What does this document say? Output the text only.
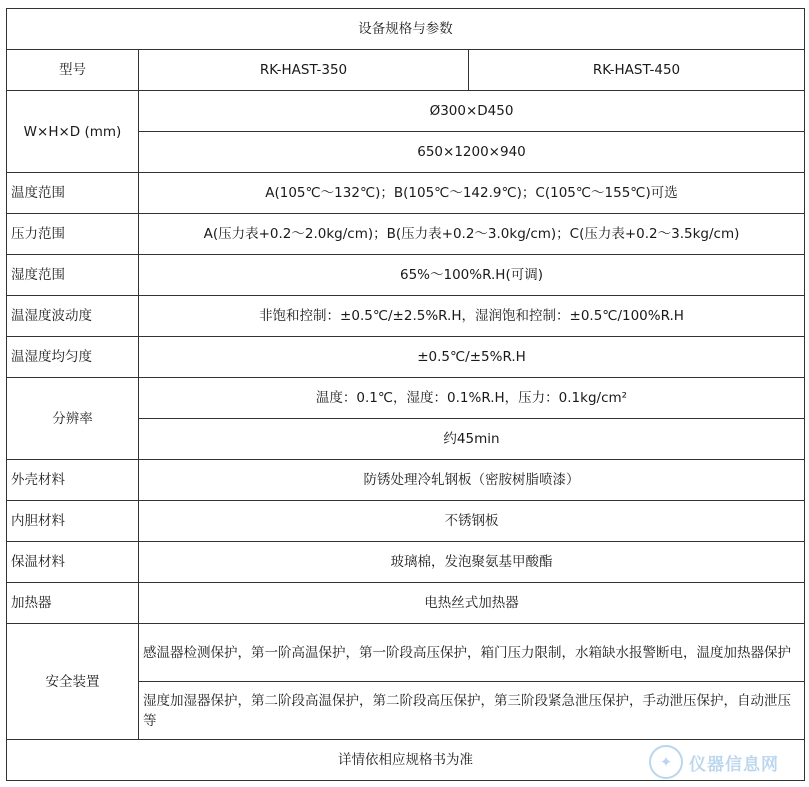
设备规格与参数		
型号	RK-HAST-350	RK-HAST-450
W×H×D (mm)	Ø300×D450	
	650×1200×940	
温度范围	A(105℃～132℃)；B(105℃～142.9℃)；C(105℃～155℃)可选	
压力范围	A(压力表+0.2～2.0kg/cm)；B(压力表+0.2～3.0kg/cm)；C(压力表+0.2～3.5kg/cm)	
湿度范围	65%～100%R.H(可调)	
温湿度波动度	非饱和控制：±0.5℃/±2.5%R.H，湿润饱和控制：±0.5℃/100%R.H	
温湿度均匀度	±0.5℃/±5%R.H	
分辨率	温度：0.1℃，湿度：0.1%R.H，压力：0.1kg/cm²	
	约45min	
外壳材料	防锈处理冷轧钢板（密胺树脂喷漆）	
内胆材料	不锈钢板	
保温材料	玻璃棉，发泡聚氨基甲酸酯	
加热器	电热丝式加热器	
安全装置	感温器检测保护，第一阶高温保护，第一阶段高压保护，箱门压力限制，水箱缺水报警断电，温度加热器保护	
	湿度加湿器保护，第二阶段高温保护，第二阶段高压保护，第三阶段紧急泄压保护，手动泄压保护，自动泄压等	
详情依相应规格书为准			✦ 仪器信息网
